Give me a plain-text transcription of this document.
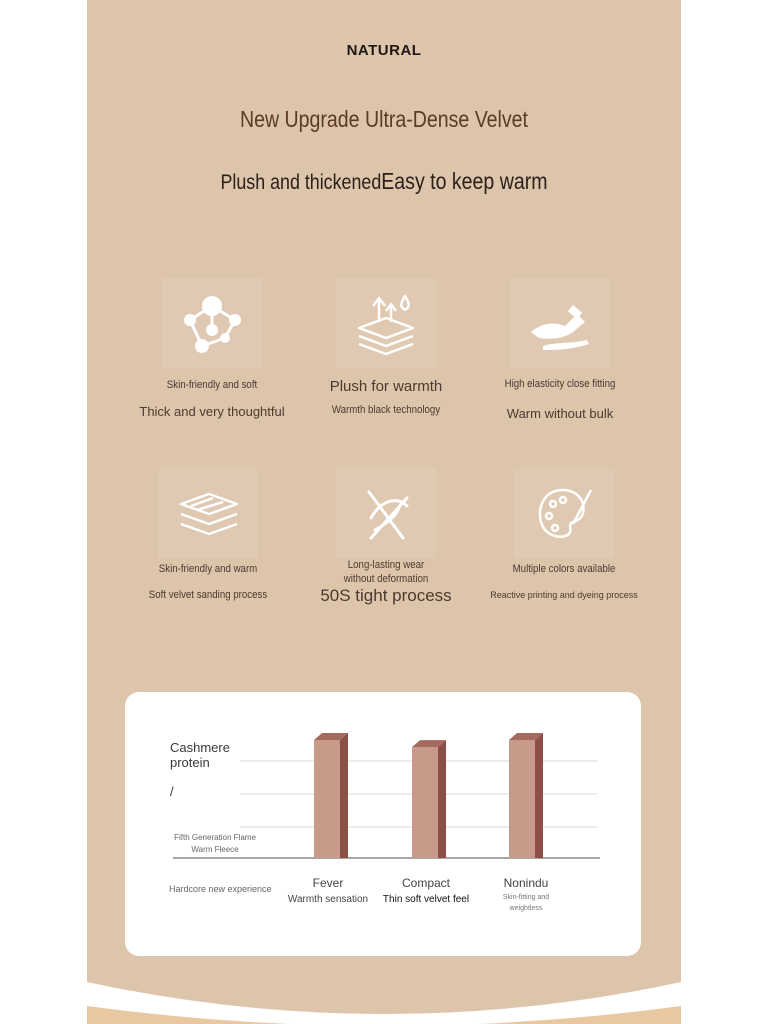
NATURAL
New Upgrade Ultra-Dense Velvet
Plush and thickenedEasy to keep warm
Skin-friendly and soft
Thick and very thoughtful
Plush for warmth
Warmth black technology
High elasticity close fitting
Warm without bulk
Skin-friendly and warm
Soft velvet sanding process
Long-lasting wear without deformation
50S tight process
Multiple colors available
Reactive printing and dyeing process
Cashmere protein
/
Fifth Generation Flame Warm Fleece
Hardcore new experience	Fever
Warmth sensation
Compact
Thin soft velvet feel
Nonindu
Skin-fitting and weightless
